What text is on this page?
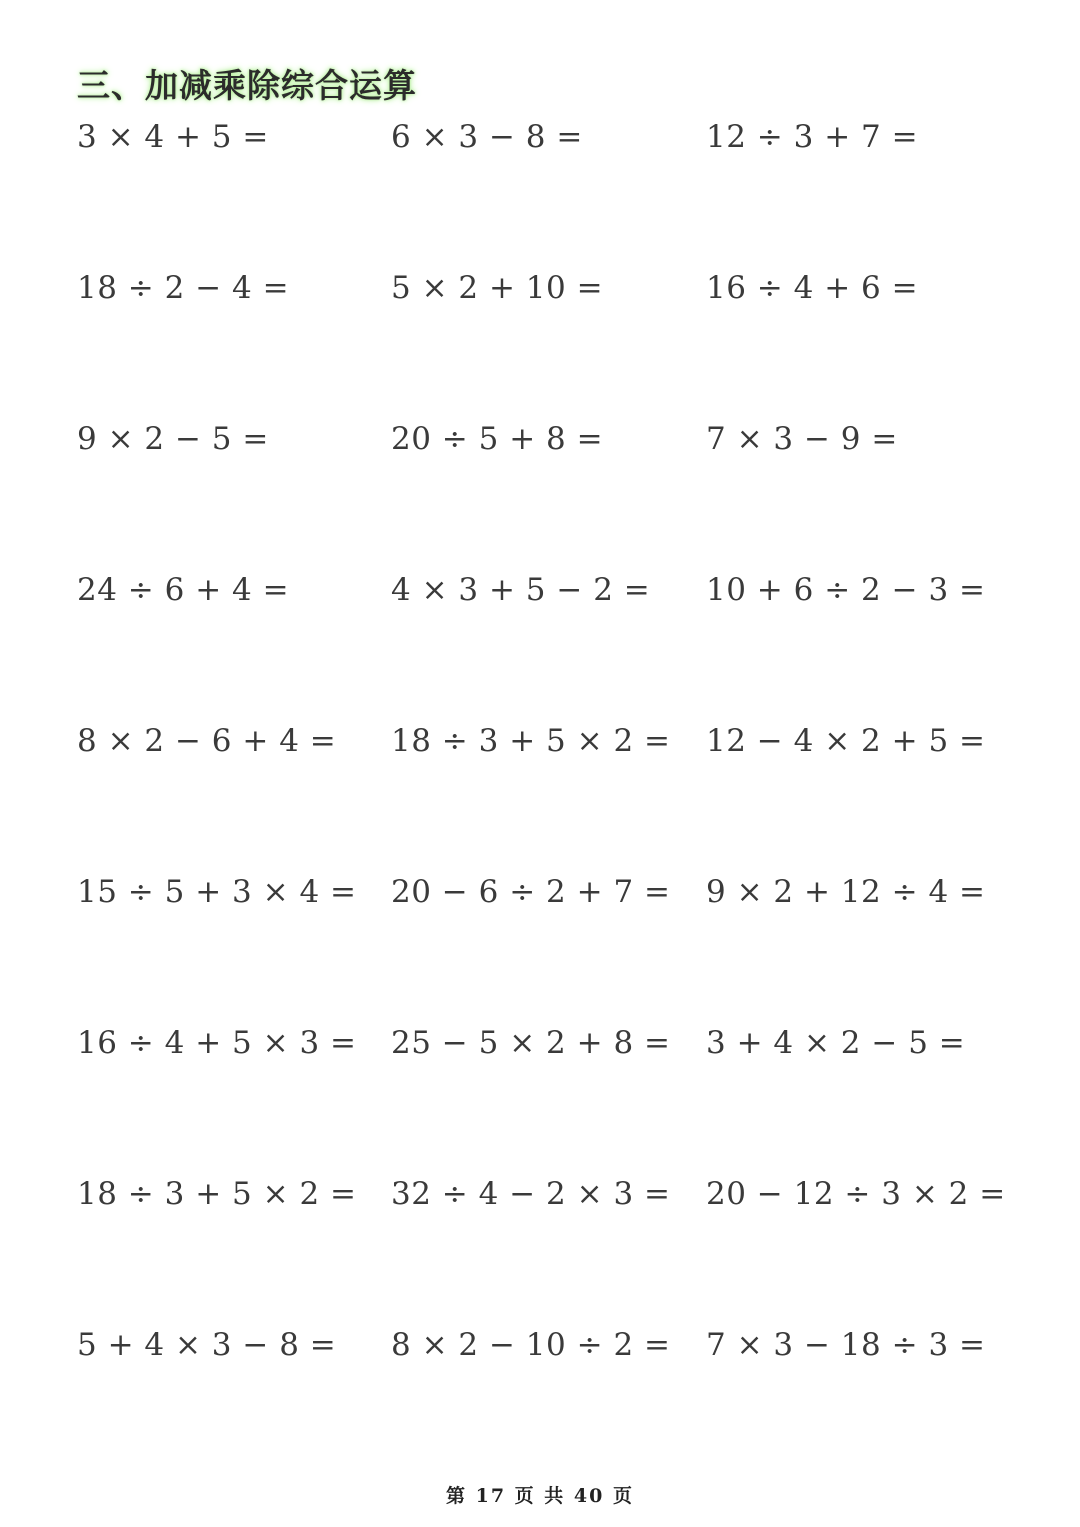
三、加减乘除综合运算
3 × 4 + 5 =	6 × 3 − 8 =	12 ÷ 3 + 7 =
18 ÷ 2 − 4 =	5 × 2 + 10 =	16 ÷ 4 + 6 =
9 × 2 − 5 =	20 ÷ 5 + 8 =	7 × 3 − 9 =
24 ÷ 6 + 4 =	4 × 3 + 5 − 2 = 10 + 6 ÷ 2 − 3 =
8 × 2 − 6 + 4 = 18 ÷ 3 + 5 × 2 = 12 − 4 × 2 + 5 =
15 ÷ 5 + 3 × 4 = 20 − 6 ÷ 2 + 7 = 9 × 2 + 12 ÷ 4 =
16 ÷ 4 + 5 × 3 = 25 − 5 × 2 + 8 = 3 + 4 × 2 − 5 =
18 ÷ 3 + 5 × 2 = 32 ÷ 4 − 2 × 3 = 20 − 12 ÷ 3 × 2 =
5 + 4 × 3 − 8 = 8 × 2 − 10 ÷ 2 = 7 × 3 − 18 ÷ 3 =
第 17 页 共 40 页
